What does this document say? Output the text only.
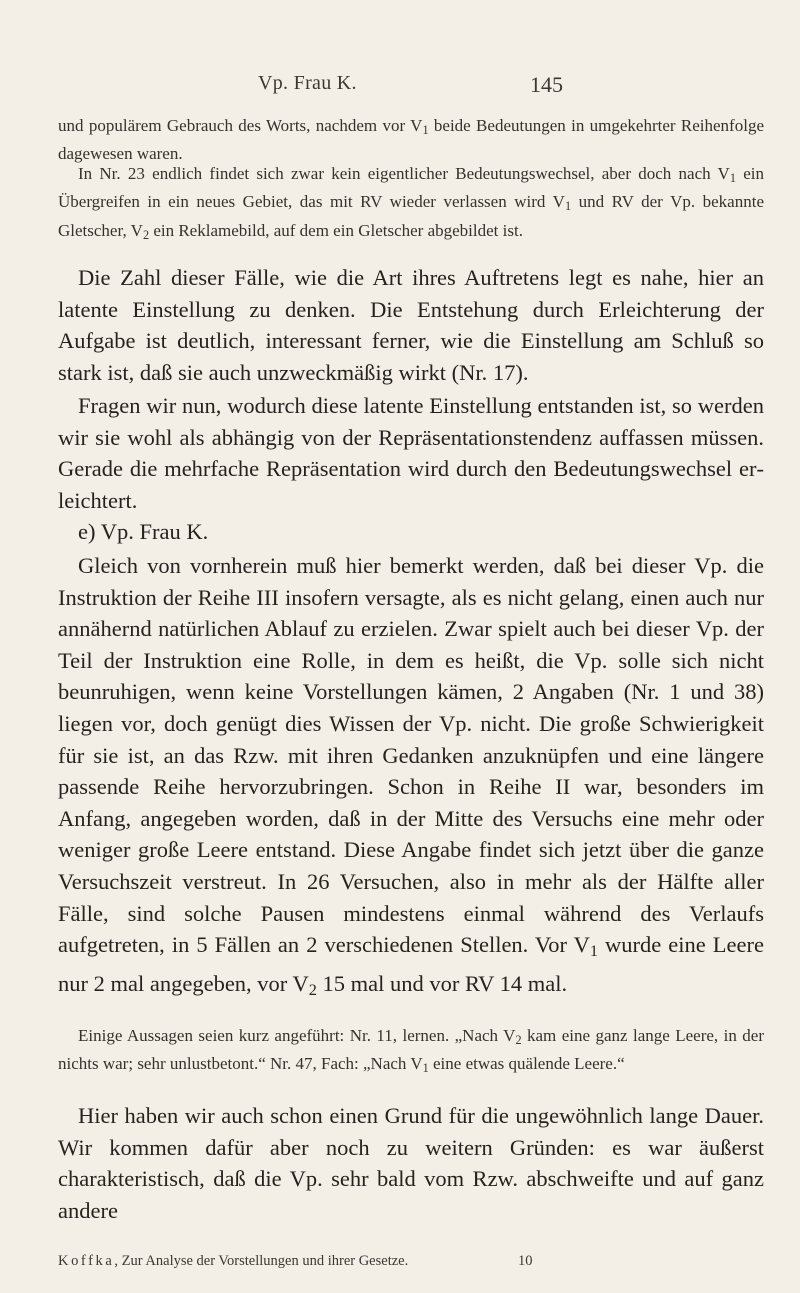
Vp. Frau K.	145

und populärem Gebrauch des Worts, nachdem vor $V_1$ beide Bedeutungen in umgekehrter Reihenfolge dagewesen waren.

In Nr. 23 endlich findet sich zwar kein eigentlicher Bedeutungswechsel, aber doch nach $V_1$ ein Übergreifen in ein neues Gebiet, das mit RV wieder verlassen wird $V_1$ und RV der Vp. bekannte Gletscher, $V_2$ ein Reklamebild, auf dem ein Gletscher abgebildet ist.

Die Zahl dieser Fälle, wie die Art ihres Auftretens legt es nahe, hier an latente Einstellung zu denken. Die Entstehung durch Erleichterung der Aufgabe ist deutlich, interessant ferner, wie die Einstellung am Schluß so stark ist, daß sie auch unzweckmäßig wirkt (Nr. 17).

Fragen wir nun, wodurch diese latente Einstellung entstanden ist, so werden wir sie wohl als abhängig von der Repräsentationstendenz auffassen müssen. Gerade die mehrfache Repräsentation wird durch den Bedeutungswechsel erleichtert.

e) Vp. Frau K.

Gleich von vornherein muß hier bemerkt werden, daß bei dieser Vp. die Instruktion der Reihe III insofern versagte, als es nicht gelang, einen auch nur annähernd natürlichen Ablauf zu erzielen. Zwar spielt auch bei dieser Vp. der Teil der Instruktion eine Rolle, in dem es heißt, die Vp. solle sich nicht beunruhigen, wenn keine Vorstellungen kämen, 2 Angaben (Nr. 1 und 38) liegen vor, doch genügt dies Wissen der Vp. nicht. Die große Schwierigkeit für sie ist, an das Rzw. mit ihren Gedanken anzuknüpfen und eine längere passende Reihe hervorzubringen. Schon in Reihe II war, besonders im Anfang, angegeben worden, daß in der Mitte des Versuchs eine mehr oder weniger große Leere entstand. Diese Angabe findet sich jetzt über die ganze Versuchszeit verstreut. In 26 Versuchen, also in mehr als der Hälfte aller Fälle, sind solche Pausen mindestens einmal während des Verlaufs aufgetreten, in 5 Fällen an 2 verschiedenen Stellen. Vor $V_1$ wurde eine Leere nur 2 mal angegeben, vor $V_2$ 15 mal und vor RV 14 mal.

Einige Aussagen seien kurz angeführt: Nr. 11, lernen. „Nach $V_2$ kam eine ganz lange Leere, in der nichts war; sehr unlustbetont.“ Nr. 47, Fach: „Nach $V_1$ eine etwas quälende Leere.“

Hier haben wir auch schon einen Grund für die ungewöhnlich lange Dauer. Wir kommen dafür aber noch zu weitern Gründen: es war äußerst charakteristisch, daß die Vp. sehr bald vom Rzw. abschweifte und auf ganz andere

Koffka, Zur Analyse der Vorstellungen und ihrer Gesetze.	10
